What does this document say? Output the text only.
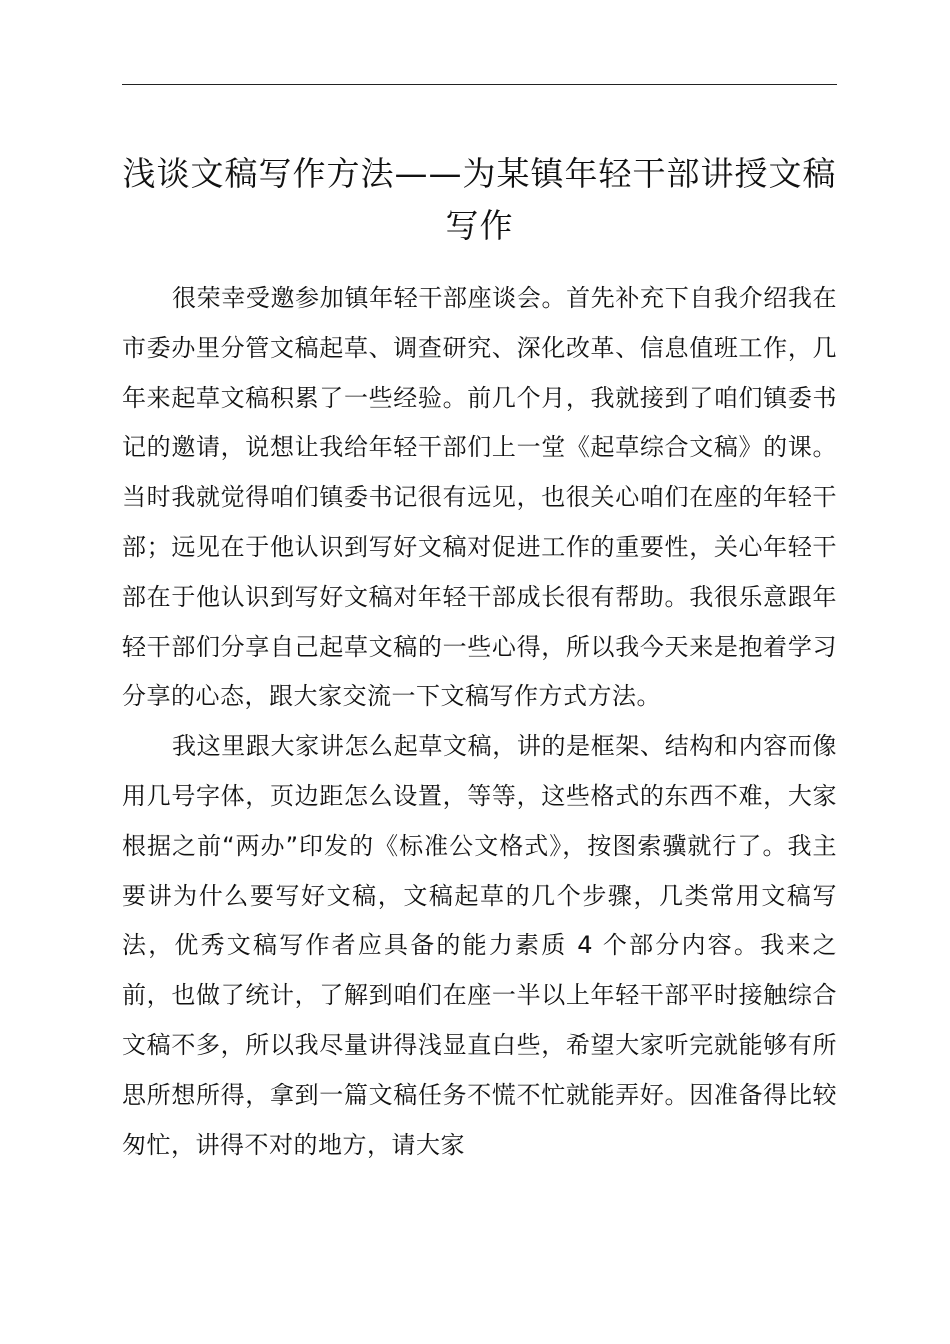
浅谈文稿写作方法——为某镇年轻干部讲授文稿写作

很荣幸受邀参加镇年轻干部座谈会。首先补充下自我介绍我在市委办里分管文稿起草、调查研究、深化改革、信息值班工作，几年来起草文稿积累了一些经验。前几个月，我就接到了咱们镇委书记的邀请，说想让我给年轻干部们上一堂《起草综合文稿》的课。当时我就觉得咱们镇委书记很有远见，也很关心咱们在座的年轻干部；远见在于他认识到写好文稿对促进工作的重要性，关心年轻干部在于他认识到写好文稿对年轻干部成长很有帮助。我很乐意跟年轻干部们分享自己起草文稿的一些心得，所以我今天来是抱着学习分享的心态，跟大家交流一下文稿写作方式方法。

我这里跟大家讲怎么起草文稿，讲的是框架、结构和内容而像用几号字体，页边距怎么设置，等等，这些格式的东西不难，大家根据之前“两办”印发的《标准公文格式》，按图索骥就行了。我主要讲为什么要写好文稿，文稿起草的几个步骤，几类常用文稿写法，优秀文稿写作者应具备的能力素质 4 个部分内容。我来之前，也做了统计，了解到咱们在座一半以上年轻干部平时接触综合文稿不多，所以我尽量讲得浅显直白些，希望大家听完就能够有所思所想所得，拿到一篇文稿任务不慌不忙就能弄好。因准备得比较匆忙，讲得不对的地方，请大家
